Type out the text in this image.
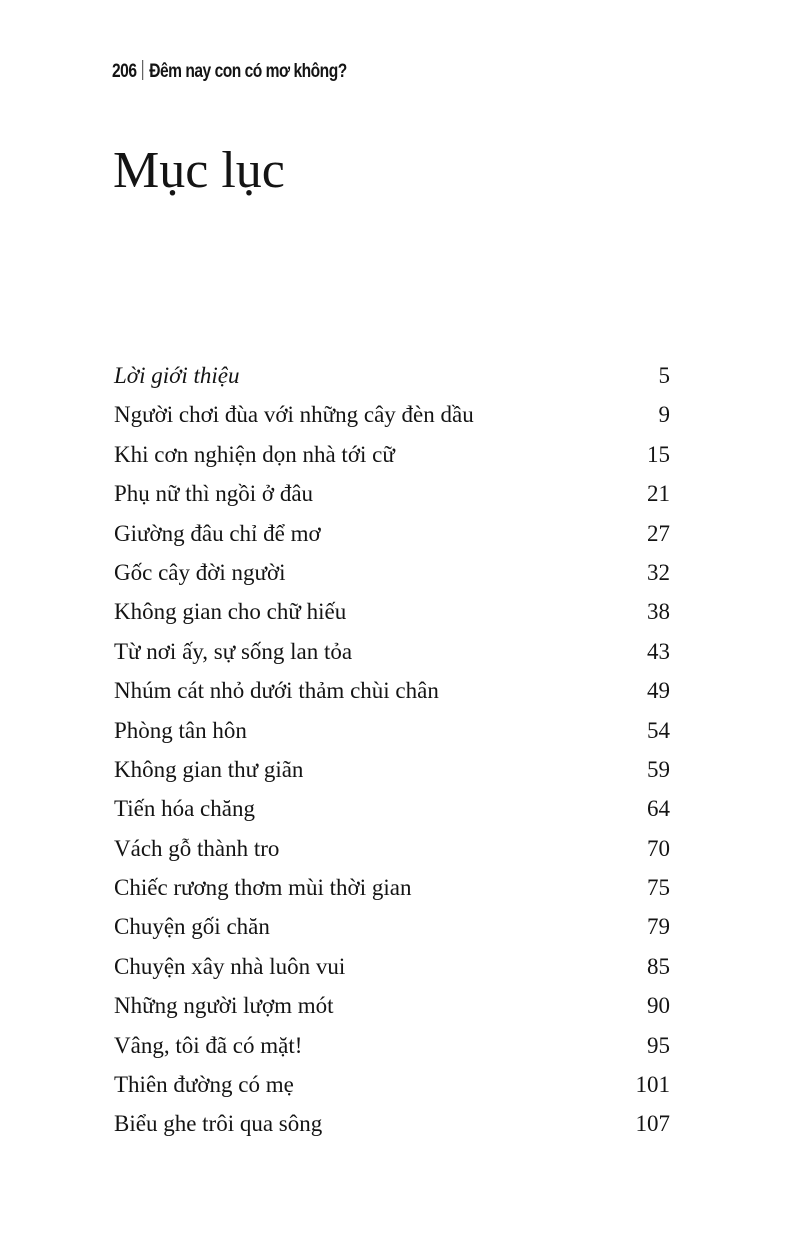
206 Đêm nay con có mơ không?
Mục lục
Lời giới thiệu	5
Người chơi đùa với những cây đèn dầu	9
Khi cơn nghiện dọn nhà tới cữ	15
Phụ nữ thì ngồi ở đâu	21
Giường đâu chỉ để mơ	27
Gốc cây đời người	32
Không gian cho chữ hiếu	38
Từ nơi ấy, sự sống lan tỏa	43
Nhúm cát nhỏ dưới thảm chùi chân	49
Phòng tân hôn	54
Không gian thư giãn	59
Tiến hóa chăng	64
Vách gỗ thành tro	70
Chiếc rương thơm mùi thời gian	75
Chuyện gối chăn	79
Chuyện xây nhà luôn vui	85
Những người lượm mót	90
Vâng, tôi đã có mặt!	95
Thiên đường có mẹ	101
Biểu ghe trôi qua sông	107
